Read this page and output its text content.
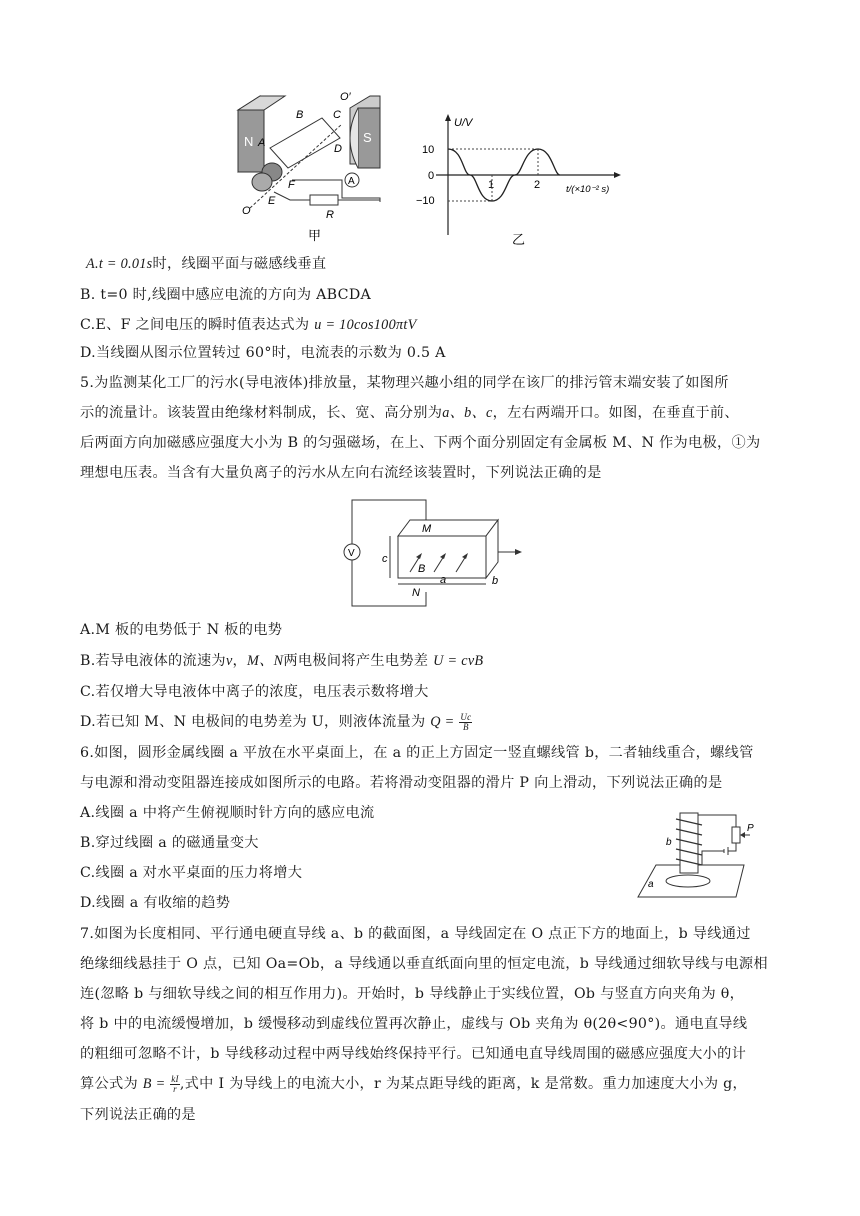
N	S
B	C
A	D
O′
F
E
O
A
R
甲
U/V
t/(×10⁻² s)
10
0
−10
1	2
乙
A.t = 0.01s时，线圈平面与磁感线垂直
B. t=0 时,线圈中感应电流的方向为 ABCDA
C.E、F 之间电压的瞬时值表达式为 u = 10cos100πtV
D.当线圈从图示位置转过 60°时，电流表的示数为 0.5 A
5.为监测某化工厂的污水(导电液体)排放量，某物理兴趣小组的同学在该厂的排污管末端安装了如图所
示的流量计。该装置由绝缘材料制成，长、宽、高分别为a、b、c，左右两端开口。如图，在垂直于前、
后两面方向加磁感应强度大小为 B 的匀强磁场，在上、下两个面分别固定有金属板 M、N 作为电极，①为
理想电压表。当含有大量负离子的污水从左向右流经该装置时，下列说法正确的是
V
M
B
c
a
N
b
A.M 板的电势低于 N 板的电势
B.若导电液体的流速为v，M、N两电极间将产生电势差 U = cvB
C.若仅增大导电液体中离子的浓度，电压表示数将增大
D.若已知 M、N 电极间的电势差为 U，则液体流量为 $Q = \frac{Uc}{B}$
6.如图，圆形金属线圈 a 平放在水平桌面上，在 a 的正上方固定一竖直螺线管 b，二者轴线重合，螺线管
与电源和滑动变阻器连接成如图所示的电路。若将滑动变阻器的滑片 P 向上滑动，下列说法正确的是
A.线圈 a 中将产生俯视顺时针方向的感应电流
B.穿过线圈 a 的磁通量变大
C.线圈 a 对水平桌面的压力将增大
D.线圈 a 有收缩的趋势
a
b
P
7.如图为长度相同、平行通电硬直导线 a、b 的截面图，a 导线固定在 O 点正下方的地面上，b 导线通过
绝缘细线悬挂于 O 点，已知 Oa=Ob，a 导线通以垂直纸面向里的恒定电流，b 导线通过细软导线与电源相
连(忽略 b 与细软导线之间的相互作用力)。开始时，b 导线静止于实线位置，Ob 与竖直方向夹角为 θ，
将 b 中的电流缓慢增加，b 缓慢移动到虚线位置再次静止，虚线与 Ob 夹角为 θ(2θ<90°)。通电直导线
的粗细可忽略不计，b 导线移动过程中两导线始终保持平行。已知通电直导线周围的磁感应强度大小的计
算公式为 $B = \frac{kI}{r}$ ,式中 I 为导线上的电流大小，r 为某点距导线的距离，k 是常数。重力加速度大小为 g，
下列说法正确的是
